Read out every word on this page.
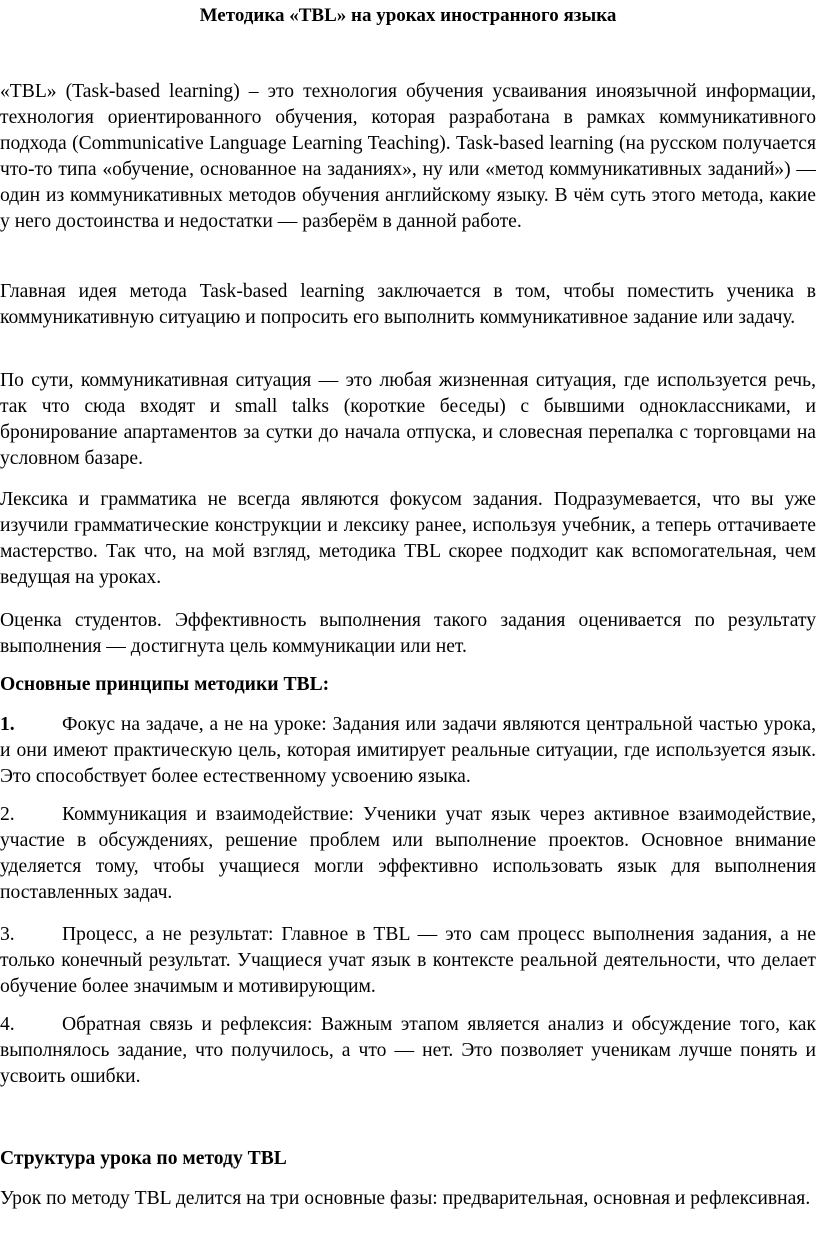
Методика «TBL» на уроках иностранного языка

«TBL» (Task-based learning) – это технология обучения усваивания иноязычной информации, технология ориентированного обучения, которая разработана в рамках коммуникативного подхода (Communicative Language Learning Teaching). Task-based learning (на русском получается что-то типа «обучение, основанное на заданиях», ну или «метод коммуникативных заданий») — один из коммуникативных методов обучения английскому языку. В чём суть этого метода, какие у него достоинства и недостатки — разберём в данной работе.

Главная идея метода Task-based learning заключается в том, чтобы поместить ученика в коммуникативную ситуацию и попросить его выполнить коммуникативное задание или задачу.

По сути, коммуникативная ситуация — это любая жизненная ситуация, где используется речь, так что сюда входят и small talks (короткие беседы) с бывшими одноклассниками, и бронирование апартаментов за сутки до начала отпуска, и словесная перепалка с торговцами на условном базаре.

Лексика и грамматика не всегда являются фокусом задания. Подразумевается, что вы уже изучили грамматические конструкции и лексику ранее, используя учебник, а теперь оттачиваете мастерство. Так что, на мой взгляд, методика TBL скорее подходит как вспомогательная, чем ведущая на уроках.

Оценка студентов. Эффективность выполнения такого задания оценивается по результату выполнения — достигнута цель коммуникации или нет.

Основные принципы методики TBL:

1. Фокус на задаче, а не на уроке: Задания или задачи являются центральной частью урока, и они имеют практическую цель, которая имитирует реальные ситуации, где используется язык. Это способствует более естественному усвоению языка.

2. Коммуникация и взаимодействие: Ученики учат язык через активное взаимодействие, участие в обсуждениях, решение проблем или выполнение проектов. Основное внимание уделяется тому, чтобы учащиеся могли эффективно использовать язык для выполнения поставленных задач.

3. Процесс, а не результат: Главное в TBL — это сам процесс выполнения задания, а не только конечный результат. Учащиеся учат язык в контексте реальной деятельности, что делает обучение более значимым и мотивирующим.

4. Обратная связь и рефлексия: Важным этапом является анализ и обсуждение того, как выполнялось задание, что получилось, а что — нет. Это позволяет ученикам лучше понять и усвоить ошибки.

Структура урока по методу TBL

Урок по методу TBL делится на три основные фазы: предварительная, основная и рефлексивная.
